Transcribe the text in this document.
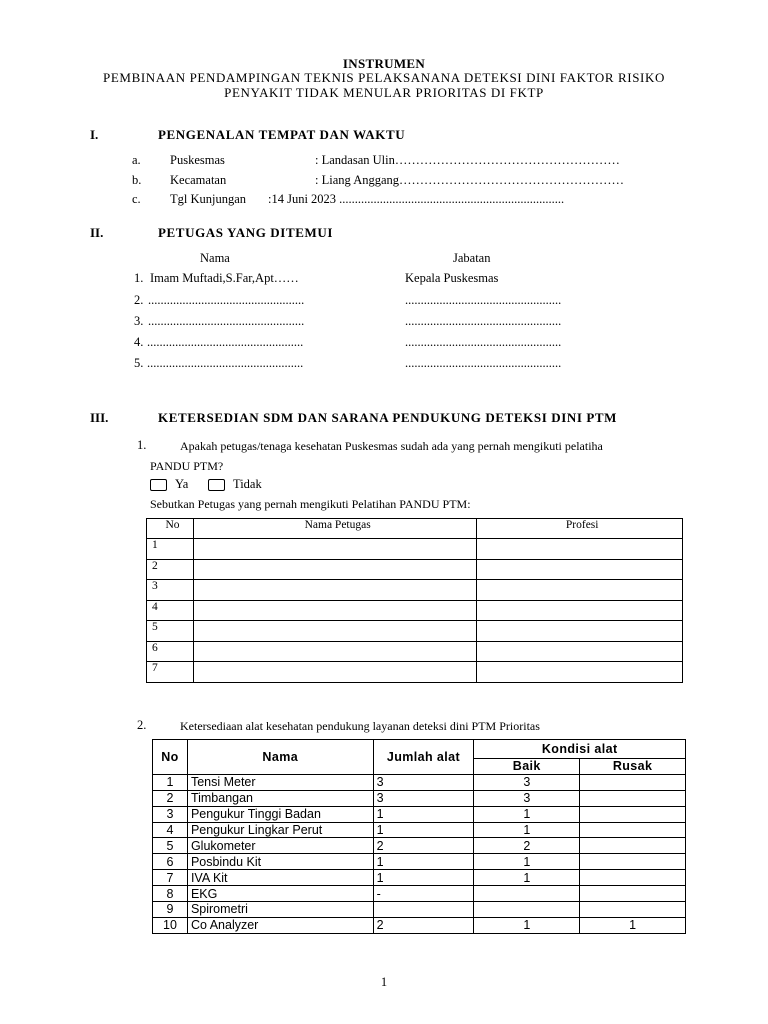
INSTRUMEN
PEMBINAAN PENDAMPINGAN TEKNIS PELAKSANANA DETEKSI DINI FAKTOR RISIKO
PENYAKIT TIDAK MENULAR PRIORITAS DI FKTP
I.	PENGENALAN TEMPAT DAN WAKTU
a. Puskesmas	: Landasan Ulin………………………………………………
b. Kecamatan	: Liang Anggang………………………………………………
c. Tgl Kunjungan :14 Juni 2023 ........................................................................
II.	PETUGAS YANG DITEMUI
Nama	Jabatan
1. Imam Muftadi,S.Far,Apt……	Kepala Puskesmas
2. ..................................................	..................................................
3. ..................................................	..................................................
4. ..................................................	..................................................
5. ..................................................	..................................................
III.	KETERSEDIAN SDM DAN SARANA PENDUKUNG DETEKSI DINI PTM
1.	Apakah petugas/tenaga kesehatan Puskesmas sudah ada yang pernah mengikuti pelatiha
PANDU PTM?
Ya	Tidak
Sebutkan Petugas yang pernah mengikuti Pelatihan PANDU PTM:
No	Nama Petugas	Profesi
1		
2		
3		
4		
5		
6		
7		
2.	Ketersediaan alat kesehatan pendukung layanan deteksi dini PTM Prioritas
No	Nama	Jumlah alat	Kondisi alat	
			Baik	Rusak
1	Tensi Meter	3	3	
2	Timbangan	3	3	
3	Pengukur Tinggi Badan	1	1	
4	Pengukur Lingkar Perut	1	1	
5	Glukometer	2	2	
6	Posbindu Kit	1	1	
7	IVA Kit	1	1	
8	EKG	-		
9	Spirometri			
10	Co Analyzer	2	1	1
1
